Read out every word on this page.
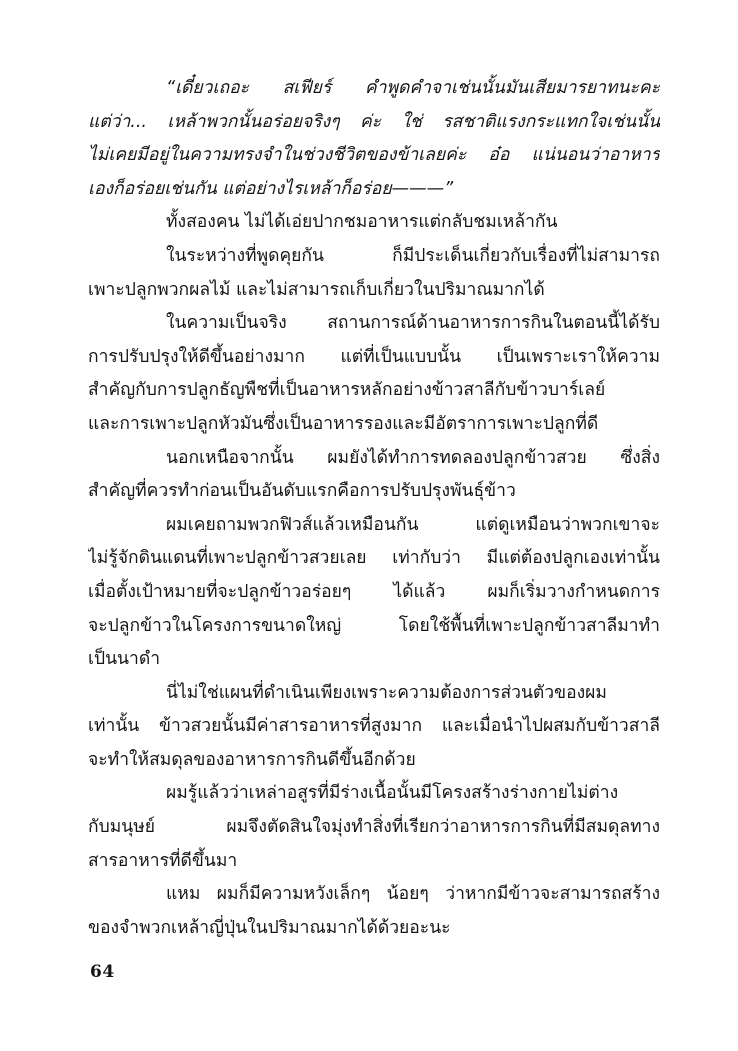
“เดี๋ยวเถอะ สเฟียร์ คำพูดคำจาเช่นนั้นมันเสียมารยาทนะคะ
แต่ว่า... เหล้าพวกนั้นอร่อยจริงๆ ค่ะ ใช่ รสชาติแรงกระแทกใจเช่นนั้น
ไม่เคยมีอยู่ในความทรงจำในช่วงชีวิตของข้าเลยค่ะ อ๋อ แน่นอนว่าอาหาร
เองก็อร่อยเช่นกัน แต่อย่างไรเหล้าก็อร่อย———”
ทั้งสองคน ไม่ได้เอ่ยปากชมอาหารแต่กลับชมเหล้ากัน
ในระหว่างที่พูดคุยกัน ก็มีประเด็นเกี่ยวกับเรื่องที่ไม่สามารถ
เพาะปลูกพวกผลไม้ และไม่สามารถเก็บเกี่ยวในปริมาณมากได้
ในความเป็นจริง สถานการณ์ด้านอาหารการกินในตอนนี้ได้รับ
การปรับปรุงให้ดีขึ้นอย่างมาก แต่ที่เป็นแบบนั้น เป็นเพราะเราให้ความ
สำคัญกับการปลูกธัญพืชที่เป็นอาหารหลักอย่างข้าวสาลีกับข้าวบาร์เลย์
และการเพาะปลูกหัวมันซึ่งเป็นอาหารรองและมีอัตราการเพาะปลูกที่ดี
นอกเหนือจากนั้น ผมยังได้ทำการทดลองปลูกข้าวสวย ซึ่งสิ่ง
สำคัญที่ควรทำก่อนเป็นอันดับแรกคือการปรับปรุงพันธุ์ข้าว
ผมเคยถามพวกฟิวส์แล้วเหมือนกัน แต่ดูเหมือนว่าพวกเขาจะ
ไม่รู้จักดินแดนที่เพาะปลูกข้าวสวยเลย เท่ากับว่า มีแต่ต้องปลูกเองเท่านั้น
เมื่อตั้งเป้าหมายที่จะปลูกข้าวอร่อยๆ ได้แล้ว ผมก็เริ่มวางกำหนดการ
จะปลูกข้าวในโครงการขนาดใหญ่ โดยใช้พื้นที่เพาะปลูกข้าวสาลีมาทำ
เป็นนาดำ
นี่ไม่ใช่แผนที่ดำเนินเพียงเพราะความต้องการส่วนตัวของผม
เท่านั้น ข้าวสวยนั้นมีค่าสารอาหารที่สูงมาก และเมื่อนำไปผสมกับข้าวสาลี
จะทำให้สมดุลของอาหารการกินดีขึ้นอีกด้วย
ผมรู้แล้วว่าเหล่าอสูรที่มีร่างเนื้อนั้นมีโครงสร้างร่างกายไม่ต่าง
กับมนุษย์ ผมจึงตัดสินใจมุ่งทำสิ่งที่เรียกว่าอาหารการกินที่มีสมดุลทาง
สารอาหารที่ดีขึ้นมา
แหม ผมก็มีความหวังเล็กๆ น้อยๆ ว่าหากมีข้าวจะสามารถสร้าง
ของจำพวกเหล้าญี่ปุ่นในปริมาณมากได้ด้วยอะนะ
64
